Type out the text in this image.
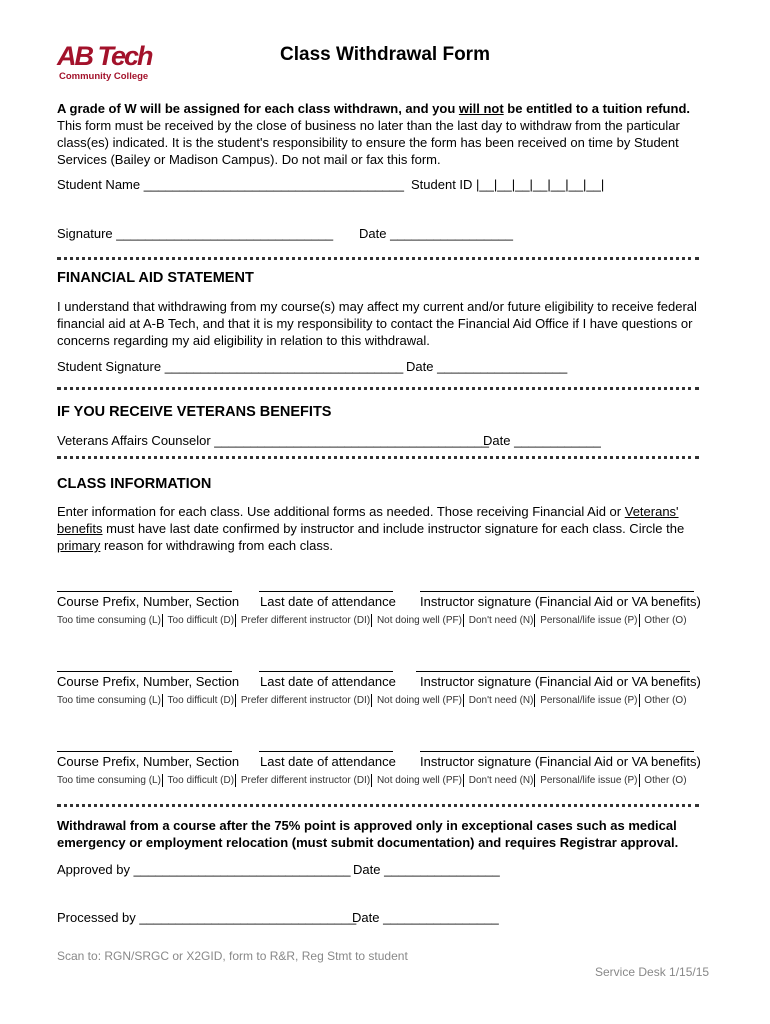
AB Tech
Community College
Class Withdrawal Form
A grade of W will be assigned for each class withdrawn, and you will not be entitled to a tuition refund.
This form must be received by the close of business no later than the last day to withdraw from the particular class(es) indicated. It is the student's responsibility to ensure the form has been received on time by Student Services (Bailey or Madison Campus). Do not mail or fax this form.
Student Name ____________________________________ Student ID |__|__|__|__|__|__|__|
Signature ______________________________ Date _________________
FINANCIAL AID STATEMENT
I understand that withdrawing from my course(s) may affect my current and/or future eligibility to receive federal financial aid at A-B Tech, and that it is my responsibility to contact the Financial Aid Office if I have questions or concerns regarding my aid eligibility in relation to this withdrawal.
Student Signature _________________________________ Date __________________
IF YOU RECEIVE VETERANS BENEFITS
Veterans Affairs Counselor ______________________________________
Date ____________
CLASS INFORMATION
Enter information for each class. Use additional forms as needed. Those receiving Financial Aid or Veterans' benefits must have last date confirmed by instructor and include instructor signature for each class. Circle the primary reason for withdrawing from each class.
Course Prefix, Number, Section Last date of attendance Instructor signature (Financial Aid or VA benefits)
Too time consuming (L) Too difficult (D) Prefer different instructor (DI) Not doing well (PF) Don't need (N) Personal/life issue (P) Other (O)
Course Prefix, Number, Section Last date of attendance Instructor signature (Financial Aid or VA benefits)
Too time consuming (L) Too difficult (D) Prefer different instructor (DI) Not doing well (PF) Don't need (N) Personal/life issue (P) Other (O)
Course Prefix, Number, Section Last date of attendance Instructor signature (Financial Aid or VA benefits)
Too time consuming (L) Too difficult (D) Prefer different instructor (DI) Not doing well (PF) Don't need (N) Personal/life issue (P) Other (O)
Withdrawal from a course after the 75% point is approved only in exceptional cases such as medical emergency or employment relocation (must submit documentation) and requires Registrar approval.
Approved by ______________________________ Date ________________
Processed by ______________________________
Date ________________
Scan to: RGN/SRGC or X2GID, form to R&R, Reg Stmt to student
Service Desk 1/15/15
